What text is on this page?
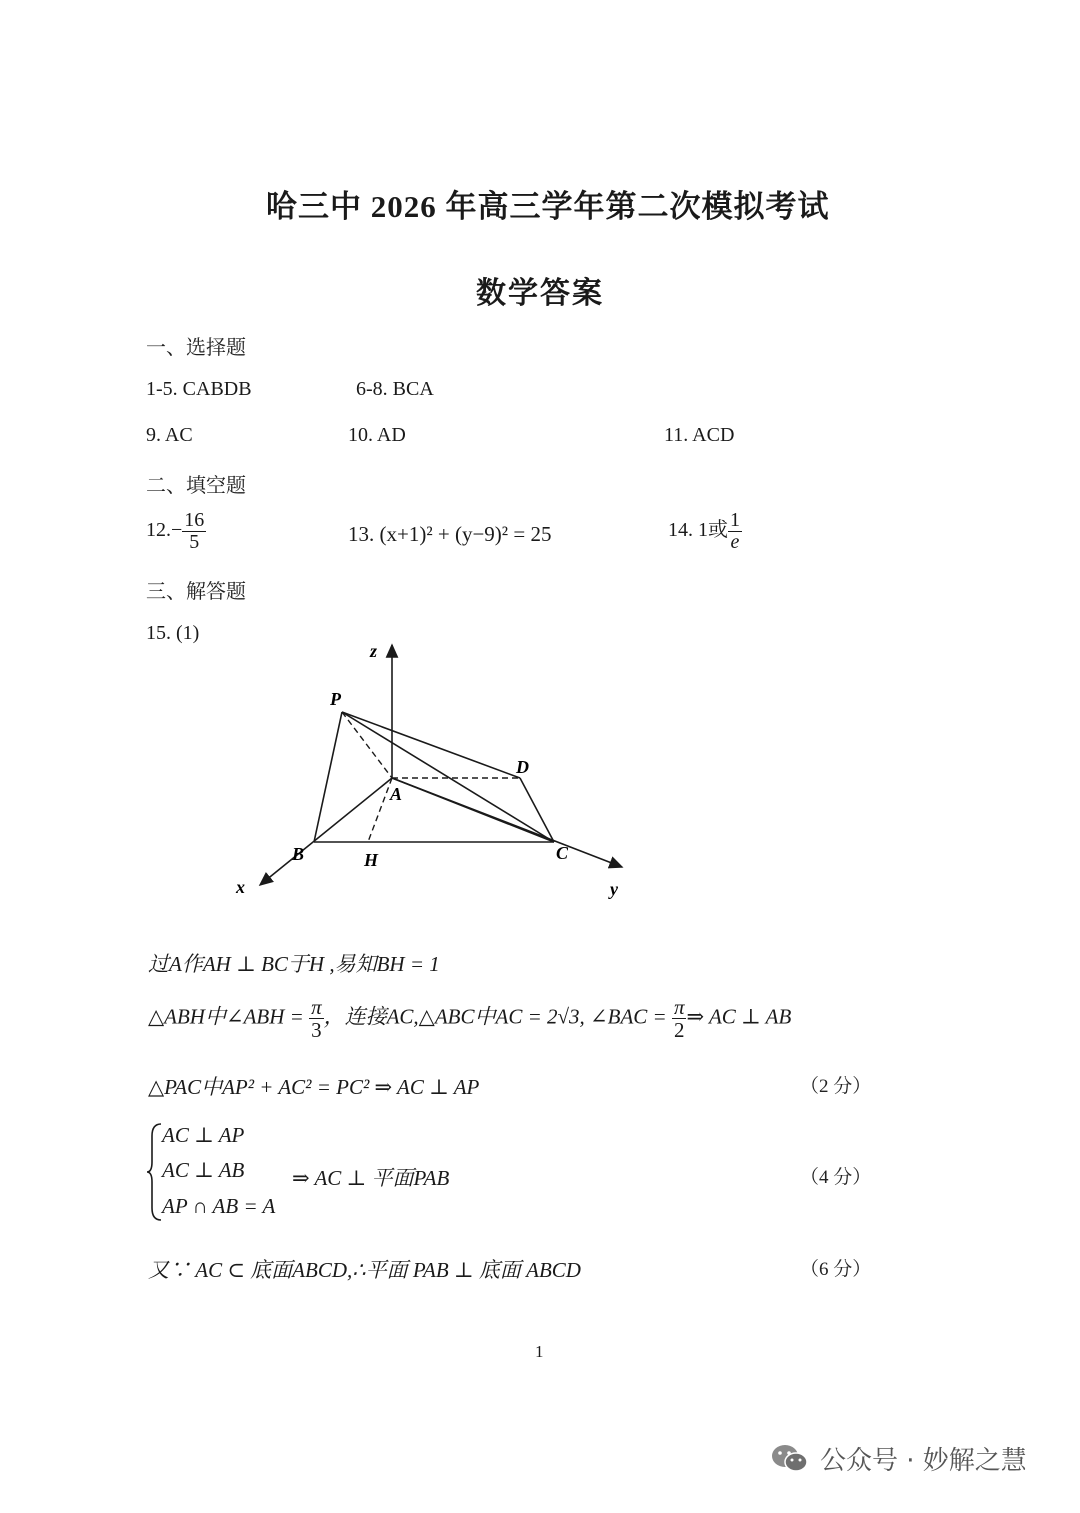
哈三中 2026 年高三学年第二次模拟考试
数学答案
一、选择题
1-5. CABDB	6-8. BCA
9. AC	10. AD	11. ACD
二、填空题
$12.- \frac{16}{5}$	13. (x+1)² + (y−9)² = 25	14. 1或 $\frac{1}{e}$
三、解答题
15. (1)
P
A
B	C
D
H
x	y
z
过A作AH ⊥ BC于H ,易知BH = 1
△ABH中∠ABH = $\frac{\pi}{3}$ ，连接AC,△ABC中AC = 2√3, ∠BAC = $\frac{\pi}{2}$ ⇒ AC ⊥ AB
△PAC中AP² + AC² = PC² ⇒ AC ⊥ AP	（2 分）
AC ⊥ AP
AC ⊥ AB
AP ∩ AB = A
⇒ AC ⊥ 平面PAB	（4 分）
又∵ AC ⊂ 底面ABCD,∴平面 PAB ⊥ 底面 ABCD	（6 分）
1
公众号 · 妙解之慧
